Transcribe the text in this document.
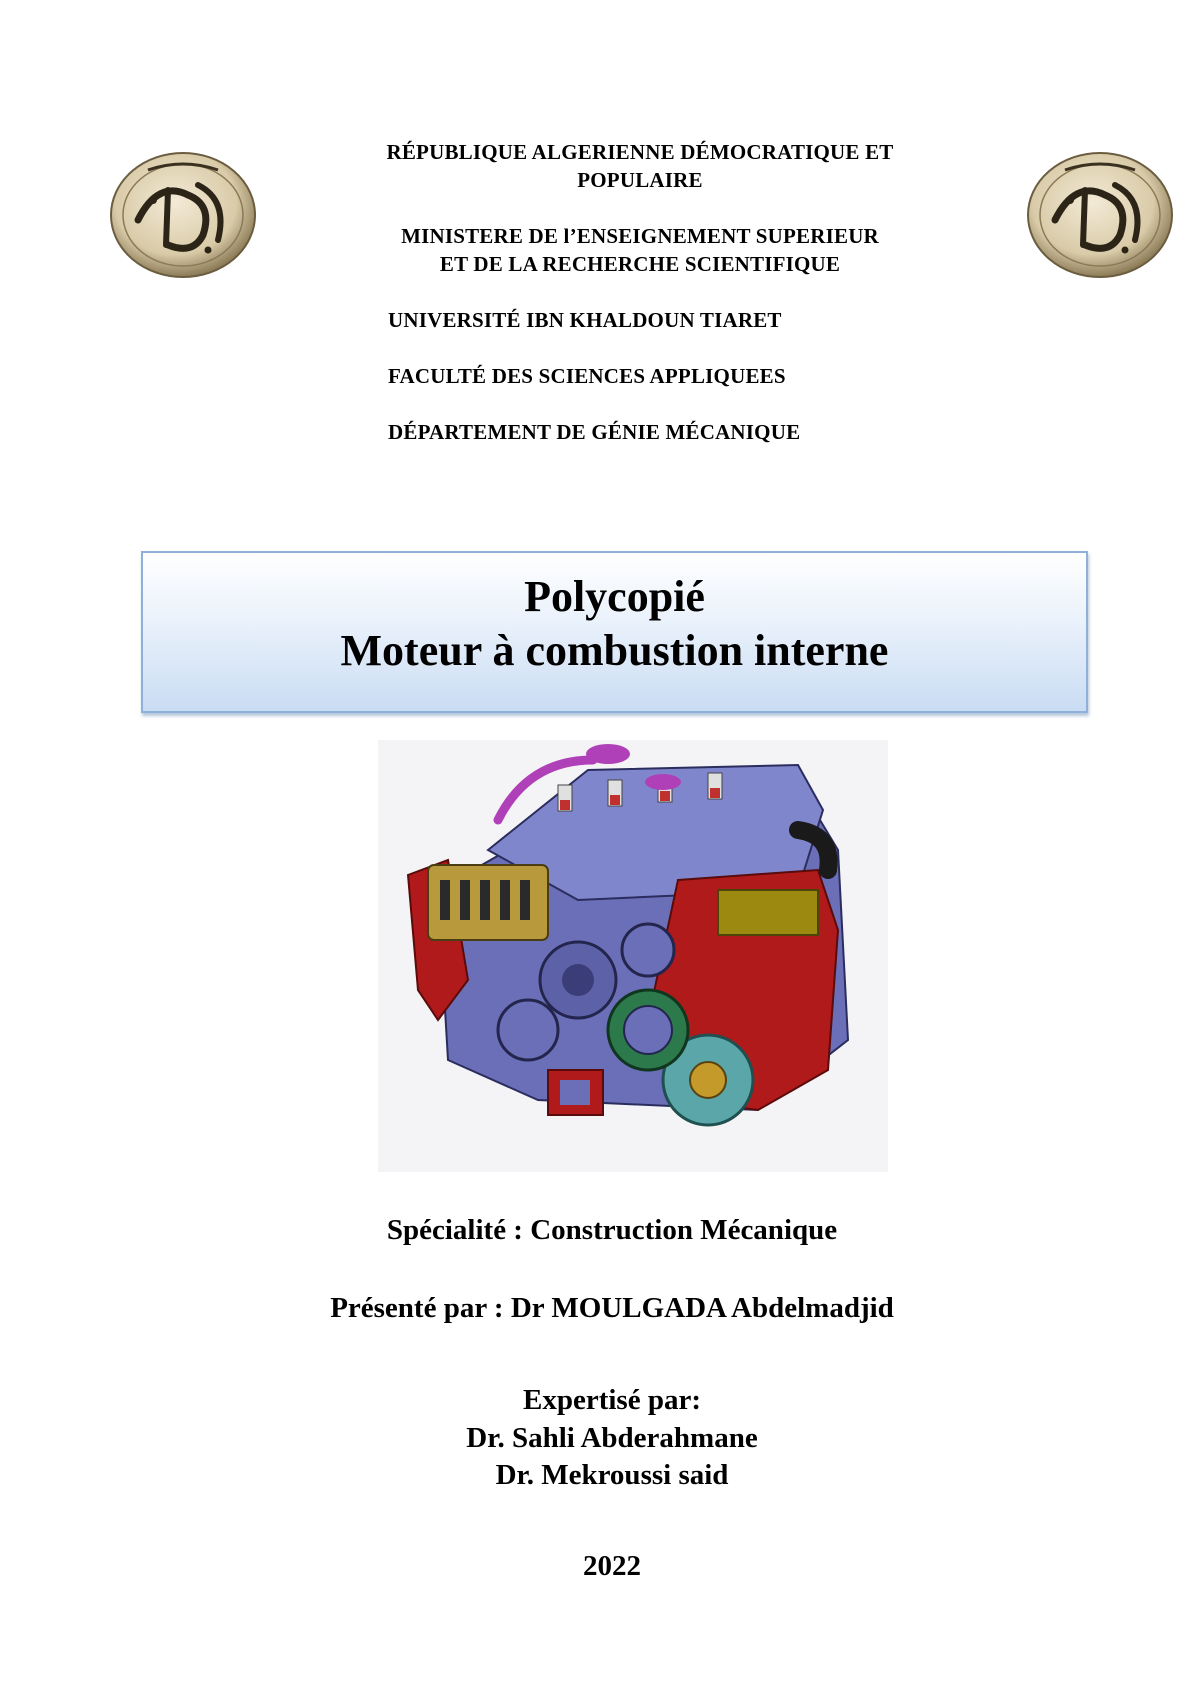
RÉPUBLIQUE ALGERIENNE DÉMOCRATIQUE ET
POPULAIRE
MINISTERE DE l’ENSEIGNEMENT SUPERIEUR
ET DE LA RECHERCHE SCIENTIFIQUE
UNIVERSITÉ IBN KHALDOUN TIARET
FACULTÉ DES SCIENCES APPLIQUEES
DÉPARTEMENT DE GÉNIE MÉCANIQUE
Polycopié
Moteur à combustion interne
Spécialité : Construction Mécanique
Présenté par : Dr MOULGADA Abdelmadjid
Expertisé par:
Dr. Sahli Abderahmane
Dr. Mekroussi said
2022
